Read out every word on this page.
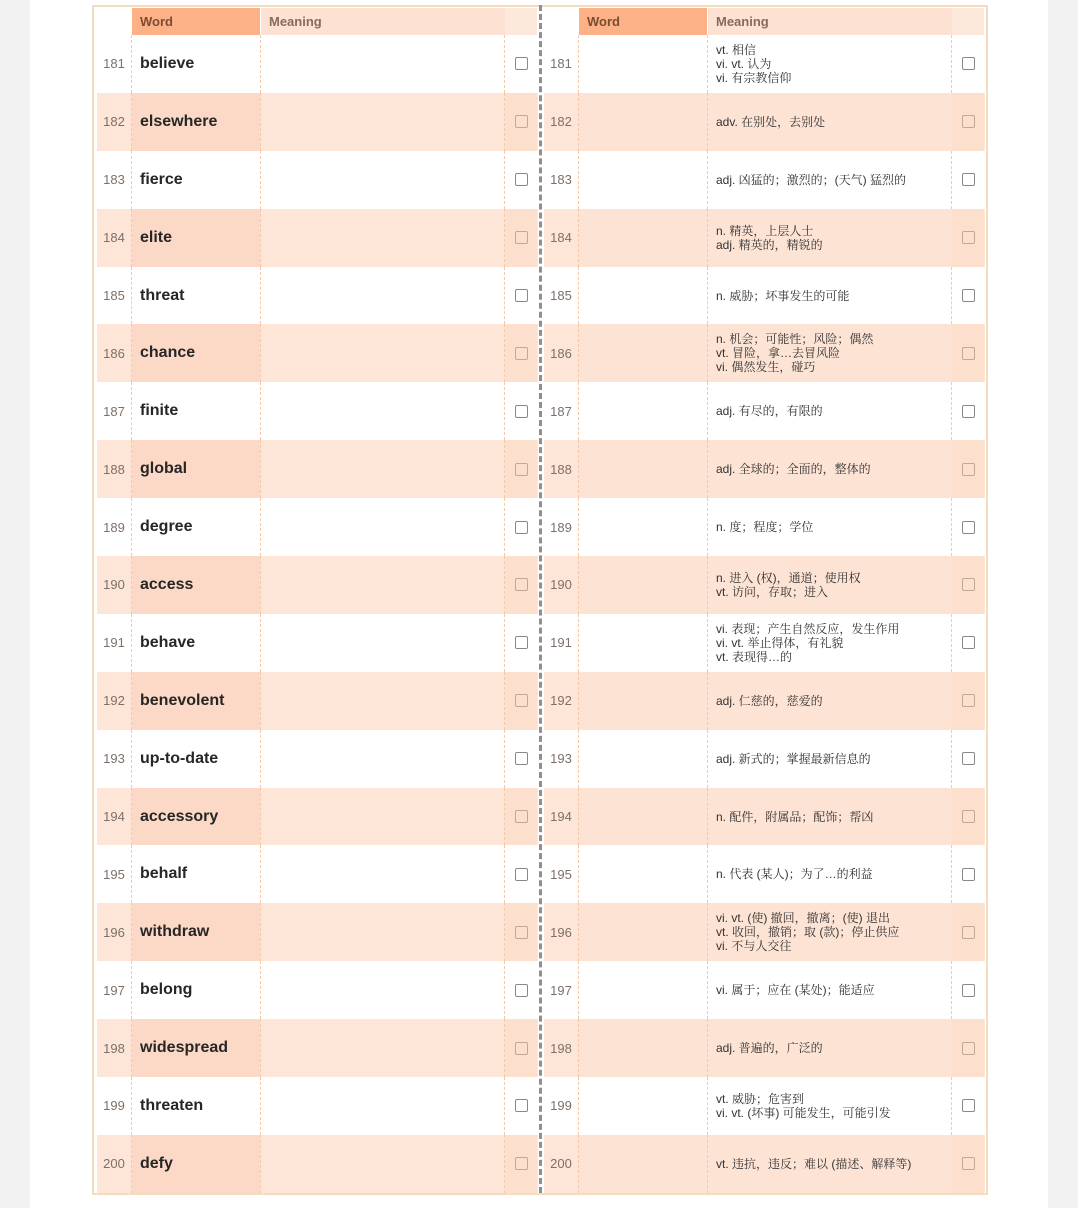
Word	Meaning
181 believe
182 elsewhere
183 fierce
184 elite
185 threat
186 chance
187 finite
188 global
189 degree
190 access
191 behave
192 benevolent
193 up-to-date
194 accessory
195 behalf
196 withdraw
197 belong
198 widespread
199 threaten
200 defy
Word	Meaning
181
vt. 相信
vi. vt. 认为
vi. 有宗教信仰
182	adv. 在别处，去别处
183	adj. 凶猛的；激烈的；(天气) 猛烈的
184	n. 精英，上层人士
adj. 精英的，精锐的
185	n. 威胁；坏事发生的可能
186
n. 机会；可能性；风险；偶然
vt. 冒险，拿…去冒风险
vi. 偶然发生，碰巧
187	adj. 有尽的，有限的
188	adj. 全球的；全面的，整体的
189	n. 度；程度；学位
190	n. 进入 (权)，通道；使用权
vt. 访问，存取；进入
191
vi. 表现；产生自然反应，发生作用
vi. vt. 举止得体，有礼貌
vt. 表现得…的
192	adj. 仁慈的，慈爱的
193	adj. 新式的；掌握最新信息的
194	n. 配件，附属品；配饰；帮凶
195	n. 代表 (某人)；为了…的利益
196
vi. vt. (使) 撤回，撤离；(使) 退出
vt. 收回，撤销；取 (款)；停止供应
vi. 不与人交往
197	vi. 属于；应在 (某处)；能适应
198	adj. 普遍的，广泛的
199	vt. 威胁；危害到
vi. vt. (坏事) 可能发生，可能引发
200	vt. 违抗，违反；难以 (描述、解释等)
